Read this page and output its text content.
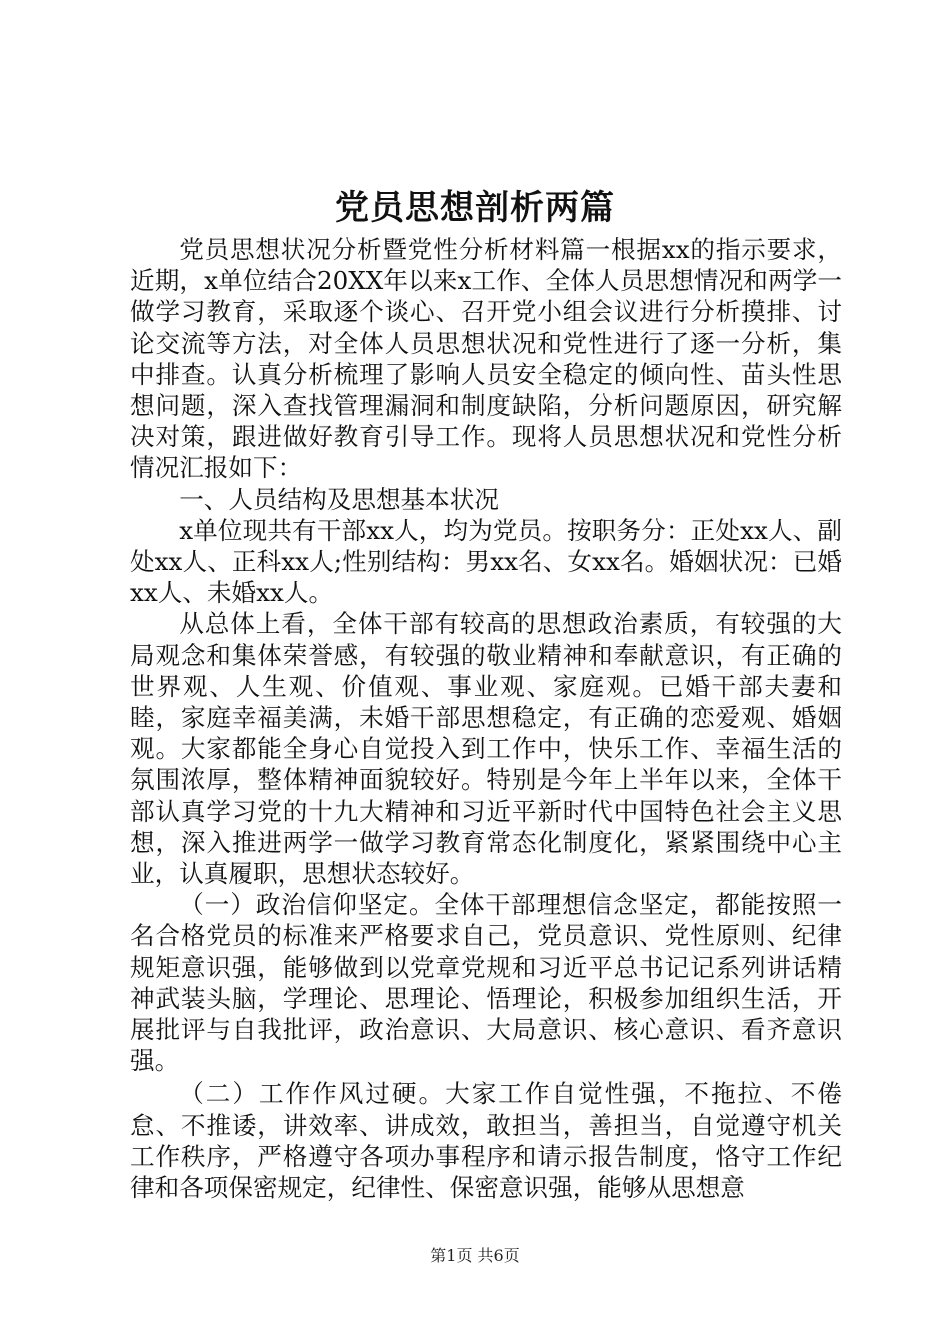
党员思想剖析两篇

党员思想状况分析暨党性分析材料篇一根据xx的指示要求，近期，x单位结合20XX年以来x工作、全体人员思想情况和两学一做学习教育，采取逐个谈心、召开党小组会议进行分析摸排、讨论交流等方法，对全体人员思想状况和党性进行了逐一分析，集中排查。认真分析梳理了影响人员安全稳定的倾向性、苗头性思想问题，深入查找管理漏洞和制度缺陷，分析问题原因，研究解决对策，跟进做好教育引导工作。现将人员思想状况和党性分析情况汇报如下：

一、人员结构及思想基本状况

x单位现共有干部xx人，均为党员。按职务分：正处xx人、副处xx人、正科xx人;性别结构：男xx名、女xx名。婚姻状况：已婚xx人、未婚xx人。

从总体上看，全体干部有较高的思想政治素质，有较强的大局观念和集体荣誉感，有较强的敬业精神和奉献意识，有正确的世界观、人生观、价值观、事业观、家庭观。已婚干部夫妻和睦，家庭幸福美满，未婚干部思想稳定，有正确的恋爱观、婚姻观。大家都能全身心自觉投入到工作中，快乐工作、幸福生活的氛围浓厚，整体精神面貌较好。特别是今年上半年以来，全体干部认真学习党的十九大精神和习近平新时代中国特色社会主义思想，深入推进两学一做学习教育常态化制度化，紧紧围绕中心主业，认真履职，思想状态较好。

（一）政治信仰坚定。全体干部理想信念坚定，都能按照一名合格党员的标准来严格要求自己，党员意识、党性原则、纪律规矩意识强，能够做到以党章党规和习近平总书记记系列讲话精神武装头脑，学理论、思理论、悟理论，积极参加组织生活，开展批评与自我批评，政治意识、大局意识、核心意识、看齐意识强。

（二）工作作风过硬。大家工作自觉性强，不拖拉、不倦怠、不推诿，讲效率、讲成效，敢担当，善担当，自觉遵守机关工作秩序，严格遵守各项办事程序和请示报告制度，恪守工作纪律和各项保密规定，纪律性、保密意识强，能够从思想意

第1页 共6页
